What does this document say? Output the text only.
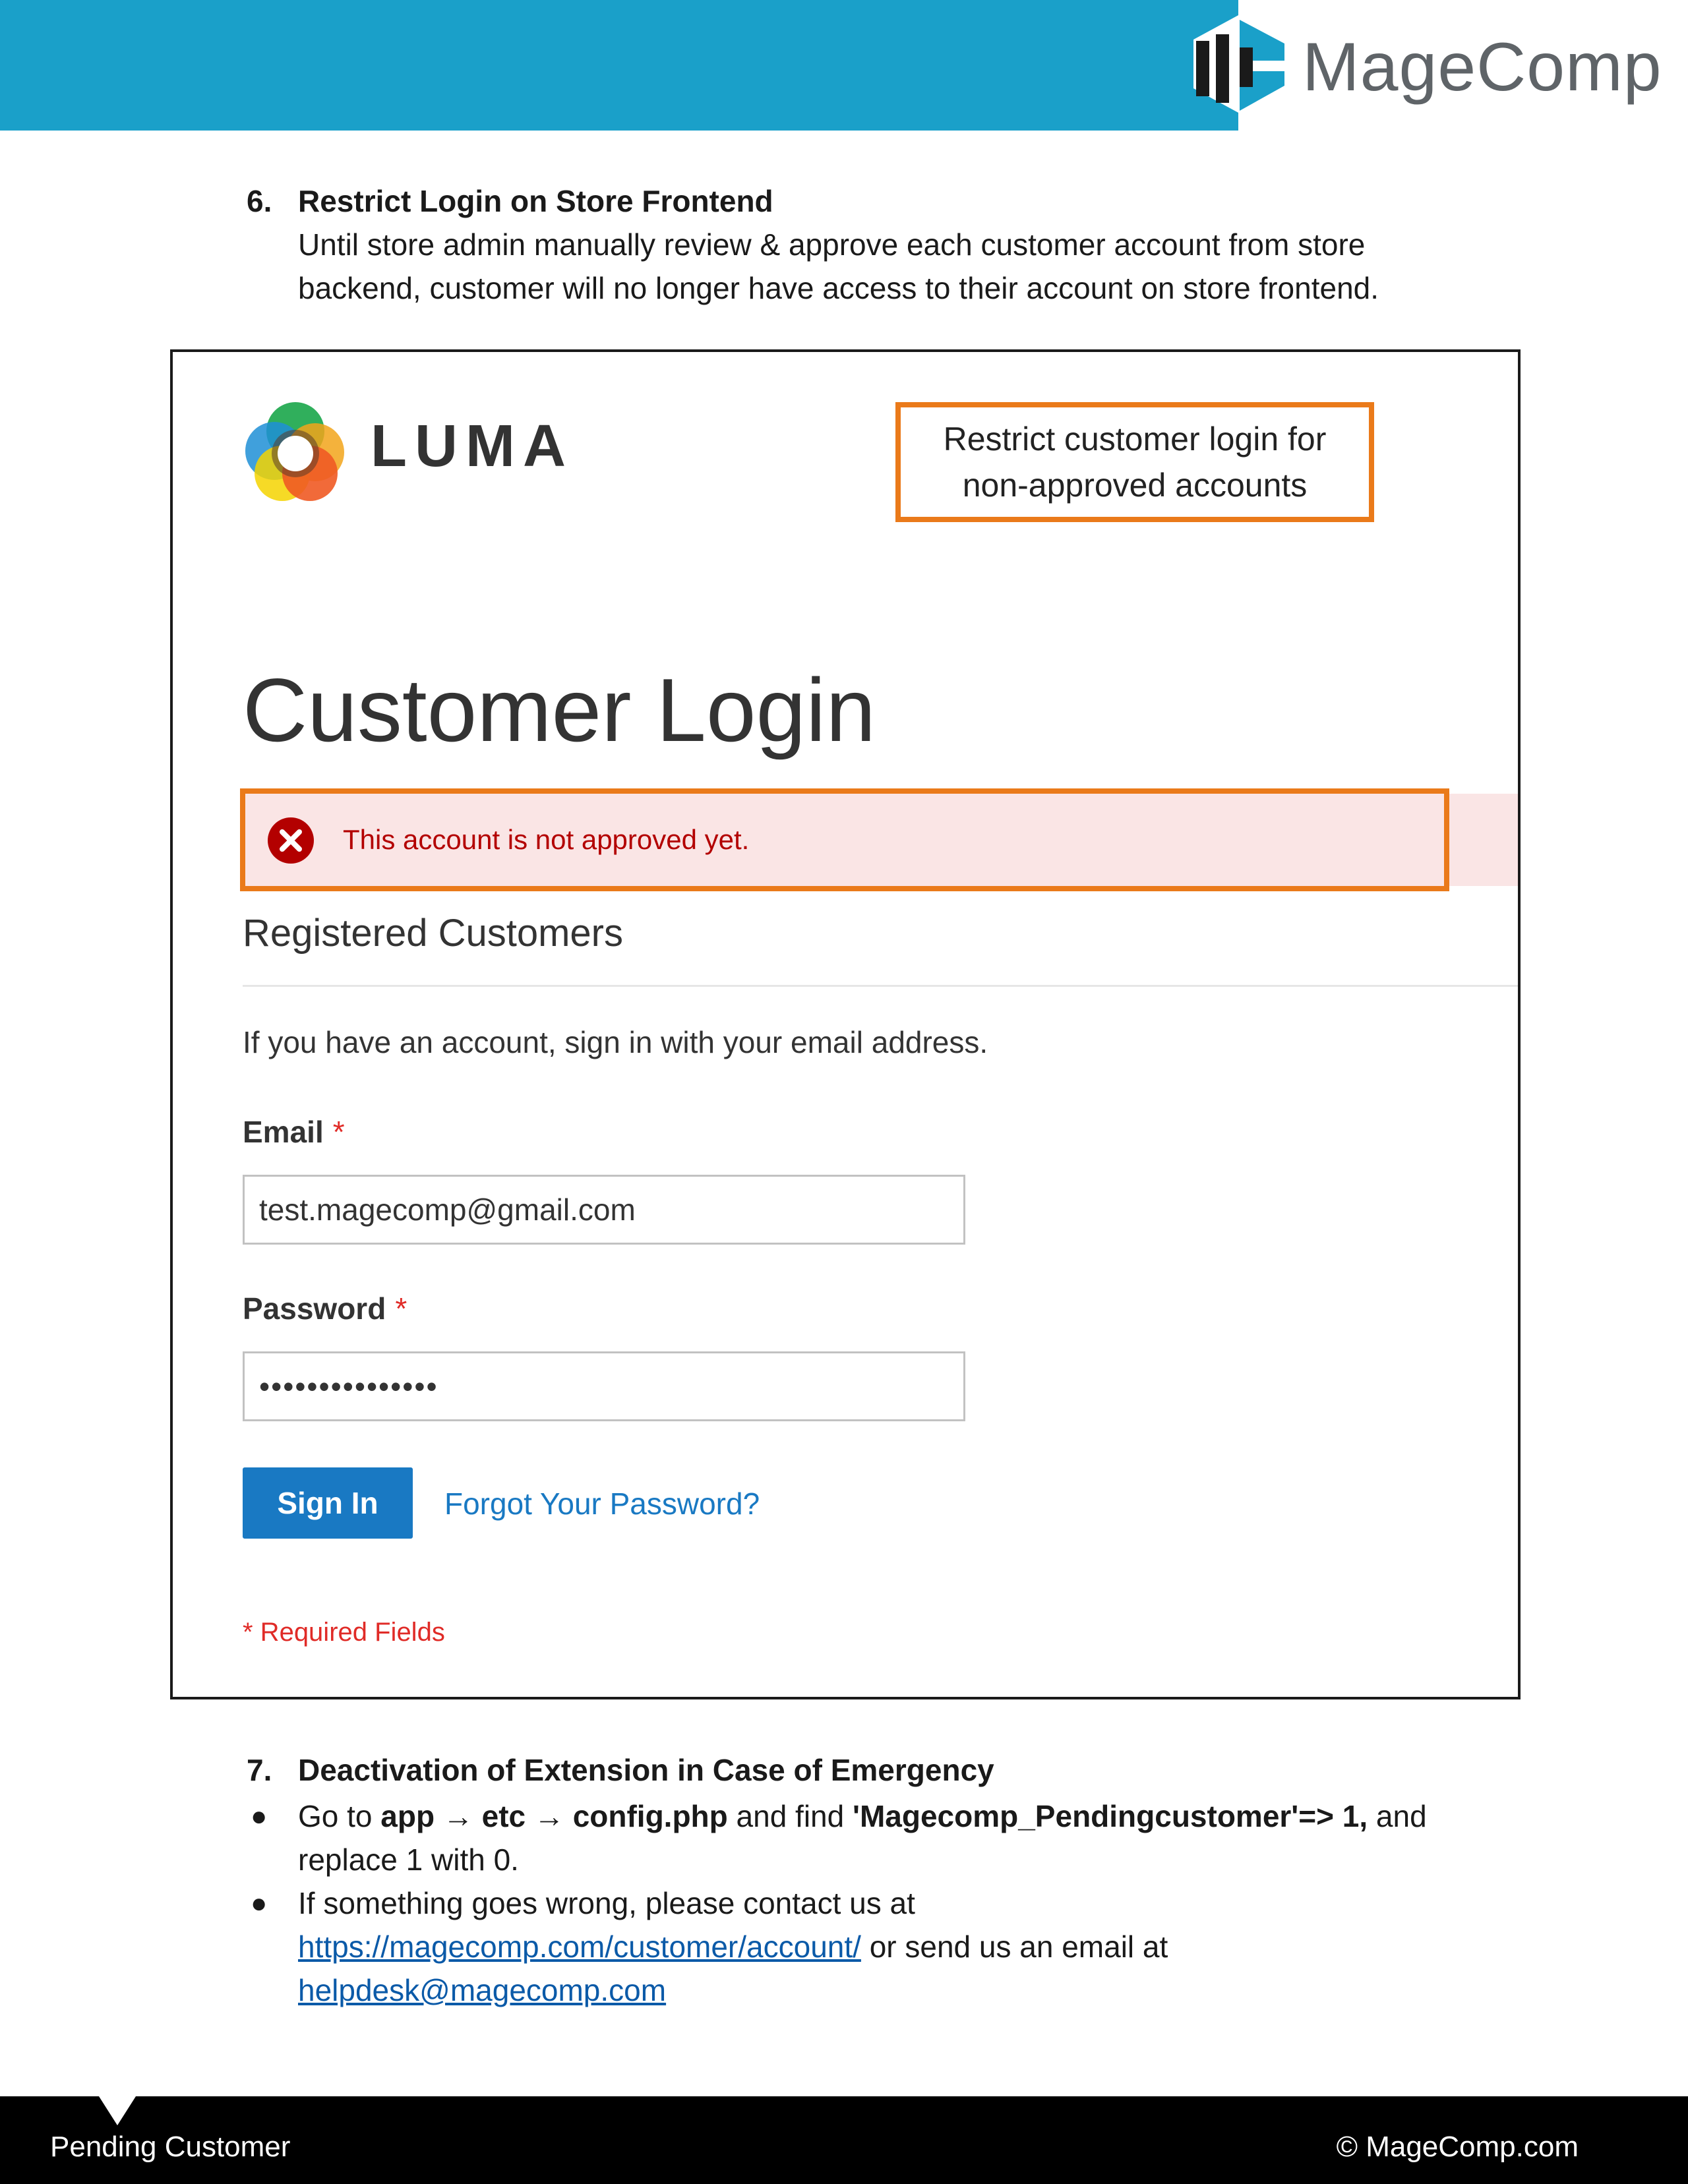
MageComp
6. Restrict Login on Store Frontend

Until store admin manually review & approve each customer account from store

backend, customer will no longer have access to their account on store frontend.

LUMA	Restrict customer login for
non-approved accounts
Customer Login
This account is not approved yet.
Registered Customers
If you have an account, sign in with your email address.
Email *
test.magecomp@gmail.com
Password *
•••••••••••••••
Sign In	Forgot Your Password?
* Required Fields
7. Deactivation of Extension in Case of Emergency
● Go to app → etc → config.php and find 'Magecomp_Pendingcustomer'=> 1, and

replace 1 with 0.

● If something goes wrong, please contact us at

https://magecomp.com/customer/account/ or send us an email at

helpdesk@magecomp.com

Pending Customer	© MageComp.com
